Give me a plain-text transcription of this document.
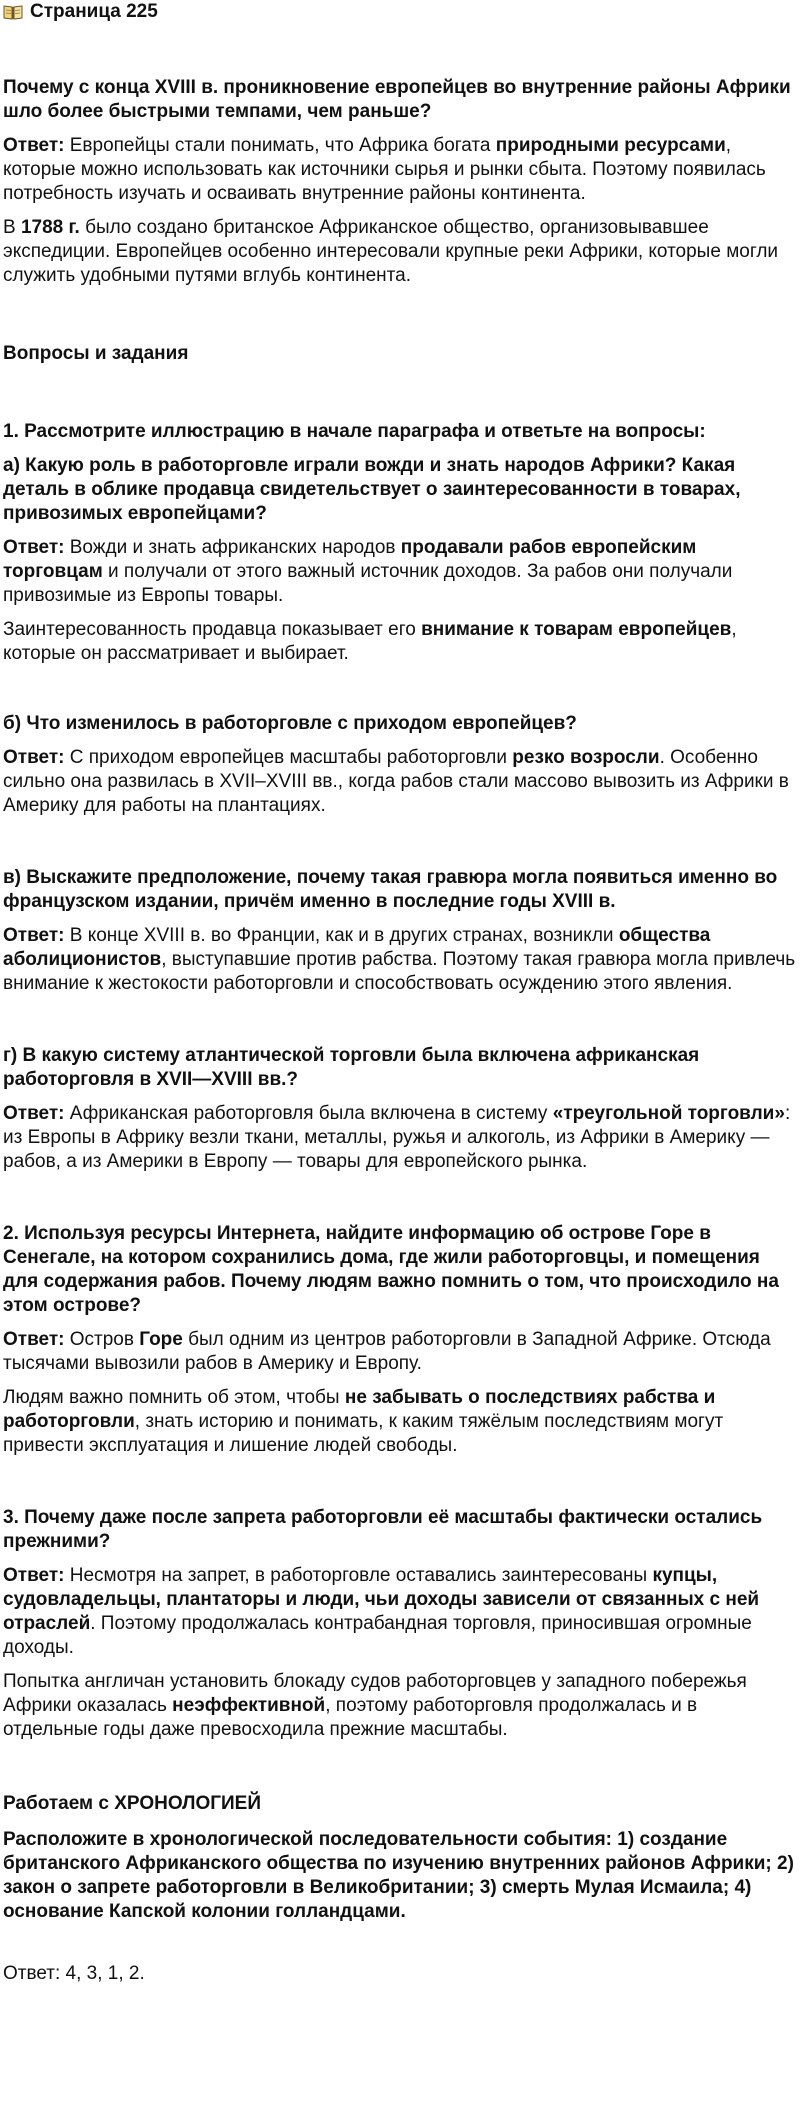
Страница 225
Почему с конца XVIII в. проникновение европейцев во внутренние районы Африки шло более быстрыми темпами, чем раньше?
Ответ: Европейцы стали понимать, что Африка богата природными ресурсами, которые можно использовать как источники сырья и рынки сбыта. Поэтому появилась потребность изучать и осваивать внутренние районы континента.
В 1788 г. было создано британское Африканское общество, организовывавшее экспедиции. Европейцев особенно интересовали крупные реки Африки, которые могли служить удобными путями вглубь континента.
Вопросы и задания
1. Рассмотрите иллюстрацию в начале параграфа и ответьте на вопросы:
а) Какую роль в работорговле играли вожди и знать народов Африки? Какая деталь в облике продавца свидетельствует о заинтересованности в товарах, привозимых европейцами?
Ответ: Вожди и знать африканских народов продавали рабов европейским торговцам и получали от этого важный источник доходов. За рабов они получали привозимые из Европы товары.
Заинтересованность продавца показывает его внимание к товарам европейцев, которые он рассматривает и выбирает.
б) Что изменилось в работорговле с приходом европейцев?
Ответ: С приходом европейцев масштабы работорговли резко возросли. Особенно сильно она развилась в XVII–XVIII вв., когда рабов стали массово вывозить из Африки в Америку для работы на плантациях.
в) Выскажите предположение, почему такая гравюра могла появиться именно во французском издании, причём именно в последние годы XVIII в.
Ответ: В конце XVIII в. во Франции, как и в других странах, возникли общества аболиционистов, выступавшие против рабства. Поэтому такая гравюра могла привлечь внимание к жестокости работорговли и способствовать осуждению этого явления.
г) В какую систему атлантической торговли была включена африканская работорговля в XVII—XVIII вв.?
Ответ: Африканская работорговля была включена в систему «треугольной торговли»: из Европы в Африку везли ткани, металлы, ружья и алкоголь, из Африки в Америку — рабов, а из Америки в Европу — товары для европейского рынка.
2. Используя ресурсы Интернета, найдите информацию об острове Горе в Сенегале, на котором сохранились дома, где жили работорговцы, и помещения для содержания рабов. Почему людям важно помнить о том, что происходило на этом острове?
Ответ: Остров Горе был одним из центров работорговли в Западной Африке. Отсюда тысячами вывозили рабов в Америку и Европу.
Людям важно помнить об этом, чтобы не забывать о последствиях рабства и работорговли, знать историю и понимать, к каким тяжёлым последствиям могут привести эксплуатация и лишение людей свободы.
3. Почему даже после запрета работорговли её масштабы фактически остались прежними?
Ответ: Несмотря на запрет, в работорговле оставались заинтересованы купцы, судовладельцы, плантаторы и люди, чьи доходы зависели от связанных с ней отраслей. Поэтому продолжалась контрабандная торговля, приносившая огромные доходы.
Попытка англичан установить блокаду судов работорговцев у западного побережья Африки оказалась неэффективной, поэтому работорговля продолжалась и в отдельные годы даже превосходила прежние масштабы.
Работаем с ХРОНОЛОГИЕЙ
Расположите в хронологической последовательности события: 1) создание британского Африканского общества по изучению внутренних районов Африки; 2) закон о запрете работорговли в Великобритании; 3) смерть Мулая Исмаила; 4) основание Капской колонии голландцами.
Ответ: 4, 3, 1, 2.
